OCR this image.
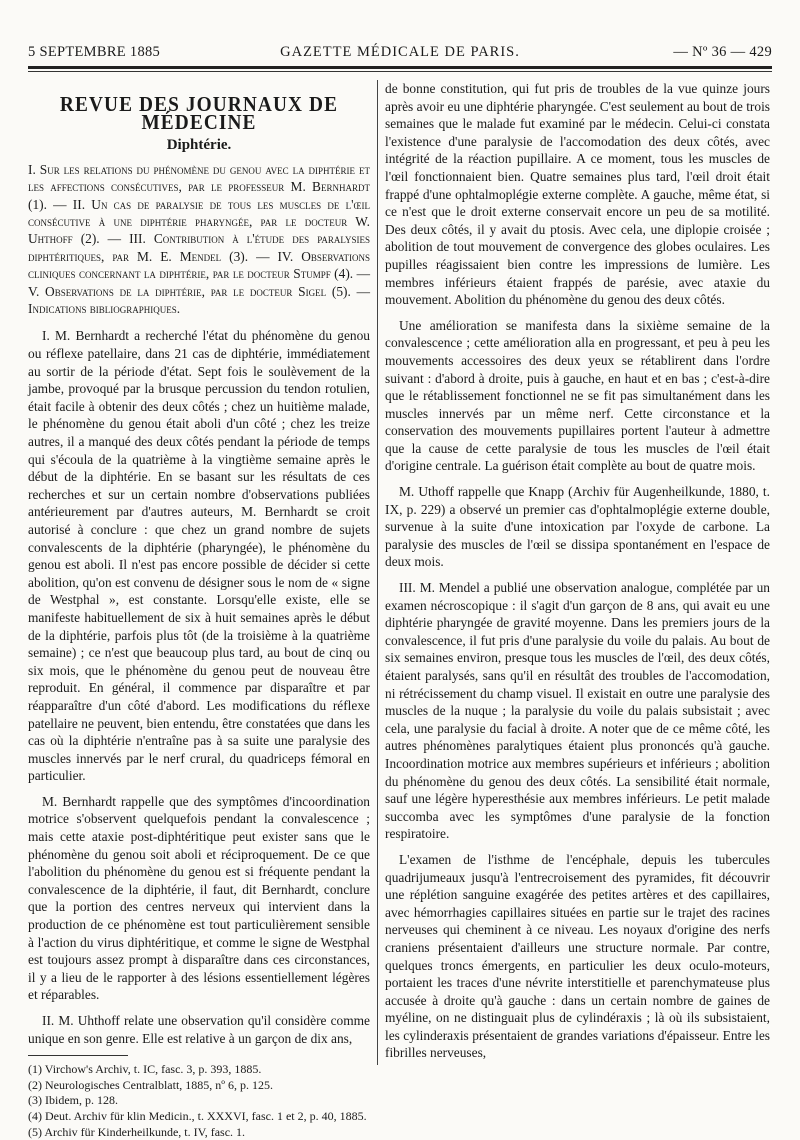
5 SEPTEMBRE 1885	GAZETTE MÉDICALE DE PARIS.	— Nº 36 — 429
REVUE DES JOURNAUX DE MÉDECINE
Diphtérie.
I. Sur les relations du phénomène du genou avec la diphtérie et les affections consécutives, par le professeur M. Bernhardt (1). — II. Un cas de paralysie de tous les muscles de l'œil consécutive à une diphtérie pharyngée, par le docteur W. Uhthoff (2). — III. Contribution à l'étude des paralysies diphtéritiques, par M. E. Mendel (3). — IV. Observations cliniques concernant la diphtérie, par le docteur Stumpf (4). — V. Observations de la diphtérie, par le docteur Sigel (5). — Indications bibliographiques.

I. M. Bernhardt a recherché l'état du phénomène du genou ou réflexe patellaire, dans 21 cas de diphtérie, immédiatement au sortir de la période d'état. Sept fois le soulèvement de la jambe, provoqué par la brusque percussion du tendon rotulien, était facile à obtenir des deux côtés ; chez un huitième malade, le phénomène du genou était aboli d'un côté ; chez les treize autres, il a manqué des deux côtés pendant la période de temps qui s'écoula de la quatrième à la vingtième semaine après le début de la diphtérie. En se basant sur les résultats de ces recherches et sur un certain nombre d'observations publiées antérieurement par d'autres auteurs, M. Bernhardt se croit autorisé à conclure : que chez un grand nombre de sujets convalescents de la diphtérie (pharyngée), le phénomène du genou est aboli. Il n'est pas encore possible de décider si cette abolition, qu'on est convenu de désigner sous le nom de « signe de Westphal », est constante. Lorsqu'elle existe, elle se manifeste habituellement de six à huit semaines après le début de la diphtérie, parfois plus tôt (de la troisième à la quatrième semaine) ; ce n'est que beaucoup plus tard, au bout de cinq ou six mois, que le phénomène du genou peut de nouveau être reproduit. En général, il commence par disparaître et par réapparaître d'un côté d'abord. Les modifications du réflexe patellaire ne peuvent, bien entendu, être constatées que dans les cas où la diphtérie n'entraîne pas à sa suite une paralysie des muscles innervés par le nerf crural, du quadriceps fémoral en particulier.

M. Bernhardt rappelle que des symptômes d'incoordination motrice s'observent quelquefois pendant la convalescence ; mais cette ataxie post-diphtéritique peut exister sans que le phénomène du genou soit aboli et réciproquement. De ce que l'abolition du phénomène du genou est si fréquente pendant la convalescence de la diphtérie, il faut, dit Bernhardt, conclure que la portion des centres nerveux qui intervient dans la production de ce phénomène est tout particulièrement sensible à l'action du virus diphtéritique, et comme le signe de Westphal est toujours assez prompt à disparaître dans ces circonstances, il y a lieu de le rapporter à des lésions essentiellement légères et réparables.

II. M. Uhthoff relate une observation qu'il considère comme unique en son genre. Elle est relative à un garçon de dix ans,

(1) Virchow's Archiv, t. IC, fasc. 3, p. 393, 1885.
(2) Neurologisches Centralblatt, 1885, nº 6, p. 125.
(3) Ibidem, p. 128.
(4) Deut. Archiv für klin Medicin., t. XXXVI, fasc. 1 et 2, p. 40, 1885.
(5) Archiv für Kinderheilkunde, t. IV, fasc. 1.

de bonne constitution, qui fut pris de troubles de la vue quinze jours après avoir eu une diphtérie pharyngée. C'est seulement au bout de trois semaines que le malade fut examiné par le médecin. Celui-ci constata l'existence d'une paralysie de l'accomodation des deux côtés, avec intégrité de la réaction pupillaire. A ce moment, tous les muscles de l'œil fonctionnaient bien. Quatre semaines plus tard, l'œil droit était frappé d'une ophtalmoplégie externe complète. A gauche, même état, si ce n'est que le droit externe conservait encore un peu de sa motilité. Des deux côtés, il y avait du ptosis. Avec cela, une diplopie croisée ; abolition de tout mouvement de convergence des globes oculaires. Les pupilles réagissaient bien contre les impressions de lumière. Les membres inférieurs étaient frappés de parésie, avec ataxie du mouvement. Abolition du phénomène du genou des deux côtés.

Une amélioration se manifesta dans la sixième semaine de la convalescence ; cette amélioration alla en progressant, et peu à peu les mouvements accessoires des deux yeux se rétablirent dans l'ordre suivant : d'abord à droite, puis à gauche, en haut et en bas ; c'est-à-dire que le rétablissement fonctionnel ne se fit pas simultanément dans les muscles innervés par un même nerf. Cette circonstance et la conservation des mouvements pupillaires portent l'auteur à admettre que la cause de cette paralysie de tous les muscles de l'œil était d'origine centrale. La guérison était complète au bout de quatre mois.

M. Uthoff rappelle que Knapp (Archiv für Augenheilkunde, 1880, t. IX, p. 229) a observé un premier cas d'ophtalmoplégie externe double, survenue à la suite d'une intoxication par l'oxyde de carbone. La paralysie des muscles de l'œil se dissipa spontanément en l'espace de deux mois.

III. M. Mendel a publié une observation analogue, complétée par un examen nécroscopique : il s'agit d'un garçon de 8 ans, qui avait eu une diphtérie pharyngée de gravité moyenne. Dans les premiers jours de la convalescence, il fut pris d'une paralysie du voile du palais. Au bout de six semaines environ, presque tous les muscles de l'œil, des deux côtés, étaient paralysés, sans qu'il en résultât des troubles de l'accomodation, ni rétrécissement du champ visuel. Il existait en outre une paralysie des muscles de la nuque ; la paralysie du voile du palais subsistait ; avec cela, une paralysie du facial à droite. A noter que de ce même côté, les autres phénomènes paralytiques étaient plus prononcés qu'à gauche. Incoordination motrice aux membres supérieurs et inférieurs ; abolition du phénomène du genou des deux côtés. La sensibilité était normale, sauf une légère hyperesthésie aux membres inférieurs. Le petit malade succomba avec les symptômes d'une paralysie de la fonction respiratoire.

L'examen de l'isthme de l'encéphale, depuis les tubercules quadrijumeaux jusqu'à l'entrecroisement des pyramides, fit découvrir une réplétion sanguine exagérée des petites artères et des capillaires, avec hémorrhagies capillaires situées en partie sur le trajet des racines nerveuses qui cheminent à ce niveau. Les noyaux d'origine des nerfs craniens présentaient d'ailleurs une structure normale. Par contre, quelques troncs émergents, en particulier les deux oculo-moteurs, portaient les traces d'une névrite interstitielle et parenchymateuse plus accusée à droite qu'à gauche : dans un certain nombre de gaines de myéline, on ne distinguait plus de cylindéraxis ; là où ils subsistaient, les cylinderaxis présentaient de grandes variations d'épaisseur. Entre les fibrilles nerveuses,
